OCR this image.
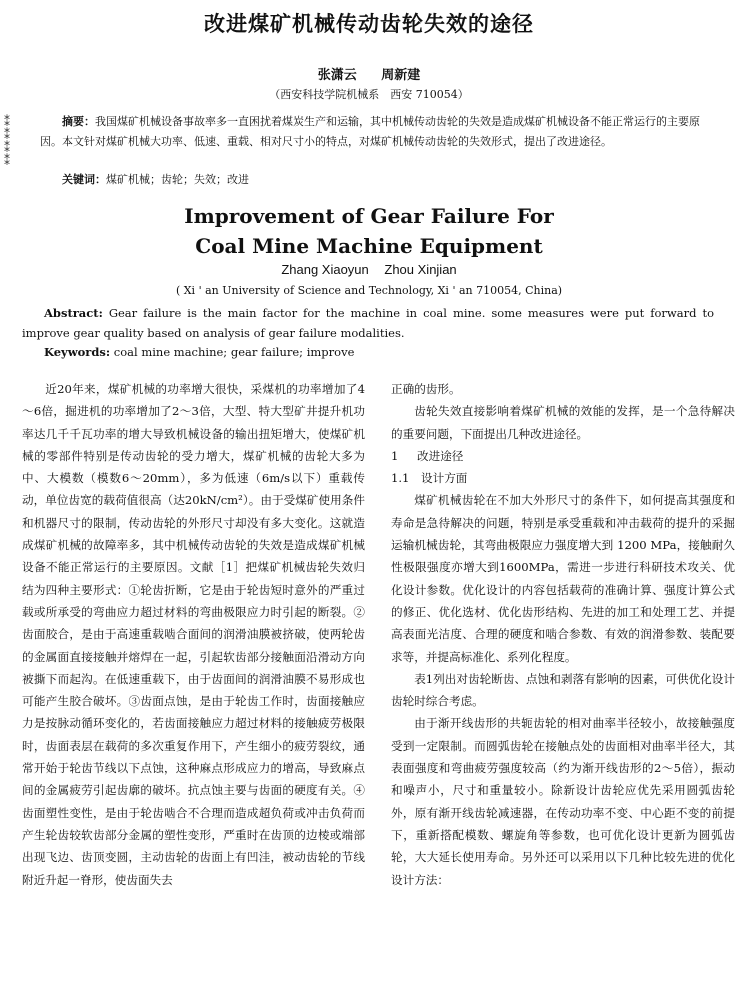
改进煤矿机械传动齿轮失效的途径
张潇云 周新建
（西安科技学院机械系　西安 710054）
⁑
⁑
⁑
⁑
摘要：我国煤矿机械设备事故率多一直困扰着煤炭生产和运输，其中机械传动齿轮的失效是造成煤矿机械设备不能正常运行的主要原因。本文针对煤矿机械大功率、低速、重载、相对尺寸小的特点，对煤矿机械传动齿轮的失效形式，提出了改进途径。
关键词：煤矿机械；齿轮；失效；改进
Improvement of Gear Failure For
Coal Mine Machine Equipment
Zhang Xiaoyun Zhou Xinjian
( Xi ' an University of Science and Technology, Xi ' an 710054, China)
Abstract: Gear failure is the main factor for the machine in coal mine. some measures were put forward to improve gear quality based on analysis of gear failure modalities.
Keywords: coal mine machine; gear failure; improve

近20年来，煤矿机械的功率增大很快，采煤机的功率增加了4～6倍，掘进机的功率增加了2～3倍，大型、特大型矿井提升机功率达几千千瓦功率的增大导致机械设备的输出扭矩增大，使煤矿机械的零部件特别是传动齿轮的受力增大，煤矿机械的齿轮大多为中、大模数（模数6～20mm），多为低速（6m/s以下）重载传动，单位齿宽的载荷值很高（达20kN/cm²）。由于受煤矿使用条件和机器尺寸的限制，传动齿轮的外形尺寸却没有多大变化。这就造成煤矿机械的故障率多，其中机械传动齿轮的失效是造成煤矿机械设备不能正常运行的主要原因。文献［1］把煤矿机械齿轮失效归结为四种主要形式：①轮齿折断，它是由于轮齿短时意外的严重过载或所承受的弯曲应力超过材料的弯曲极限应力时引起的断裂。②齿面胶合，是由于高速重载啮合面间的润滑油膜被挤破，使两轮齿的金属面直接接触并熔焊在一起，引起软齿部分接触面沿滑动方向被撕下而起沟。在低速重载下，由于齿面间的润滑油膜不易形成也可能产生胶合破坏。③齿面点蚀，是由于轮齿工作时，齿面接触应力是按脉动循环变化的，若齿面接触应力超过材料的接触疲劳极限时，齿面表层在载荷的多次重复作用下，产生细小的疲劳裂纹，通常开始于轮齿节线以下点蚀，这种麻点形成应力的增高，导致麻点间的金属疲劳引起齿廓的破坏。抗点蚀主要与齿面的硬度有关。④齿面塑性变性，是由于轮齿啮合不合理而造成超负荷或冲击负荷而产生轮齿较软齿部分金属的塑性变形，严重时在齿顶的边棱或端部出现飞边、齿顶变圆，主动齿轮的齿面上有凹洼，被动齿轮的节线附近升起一脊形，使齿面失去

正确的齿形。

齿轮失效直接影响着煤矿机械的效能的发挥，是一个急待解决的重要问题，下面提出几种改进途径。

1 改进途径

1.1 设计方面

煤矿机械齿轮在不加大外形尺寸的条件下，如何提高其强度和寿命是急待解决的问题，特别是承受重载和冲击载荷的提升的采掘运输机械齿轮，其弯曲极限应力强度增大到 1200 MPa，接触耐久性极限强度亦增大到1600MPa，需进一步进行科研技术攻关、优化设计参数。优化设计的内容包括载荷的准确计算、强度计算公式的修正、优化选材、优化齿形结构、先进的加工和处理工艺、并提高表面光洁度、合理的硬度和啮合参数、有效的润滑参数、装配要求等，并提高标准化、系列化程度。

表1列出对齿轮断齿、点蚀和剥落有影响的因素，可供优化设计齿轮时综合考虑。

由于渐开线齿形的共轭齿轮的相对曲率半径较小，故接触强度受到一定限制。而圆弧齿轮在接触点处的齿面相对曲率半径大，其表面强度和弯曲疲劳强度较高（约为渐开线齿形的2～5倍），振动和噪声小，尺寸和重量较小。除新设计齿轮应优先采用圆弧齿轮外，原有渐开线齿轮减速器，在传动功率不变、中心距不变的前提下，重新搭配模数、螺旋角等参数，也可优化设计更新为圆弧齿轮，大大延长使用寿命。另外还可以采用以下几种比较先进的优化设计方法：
